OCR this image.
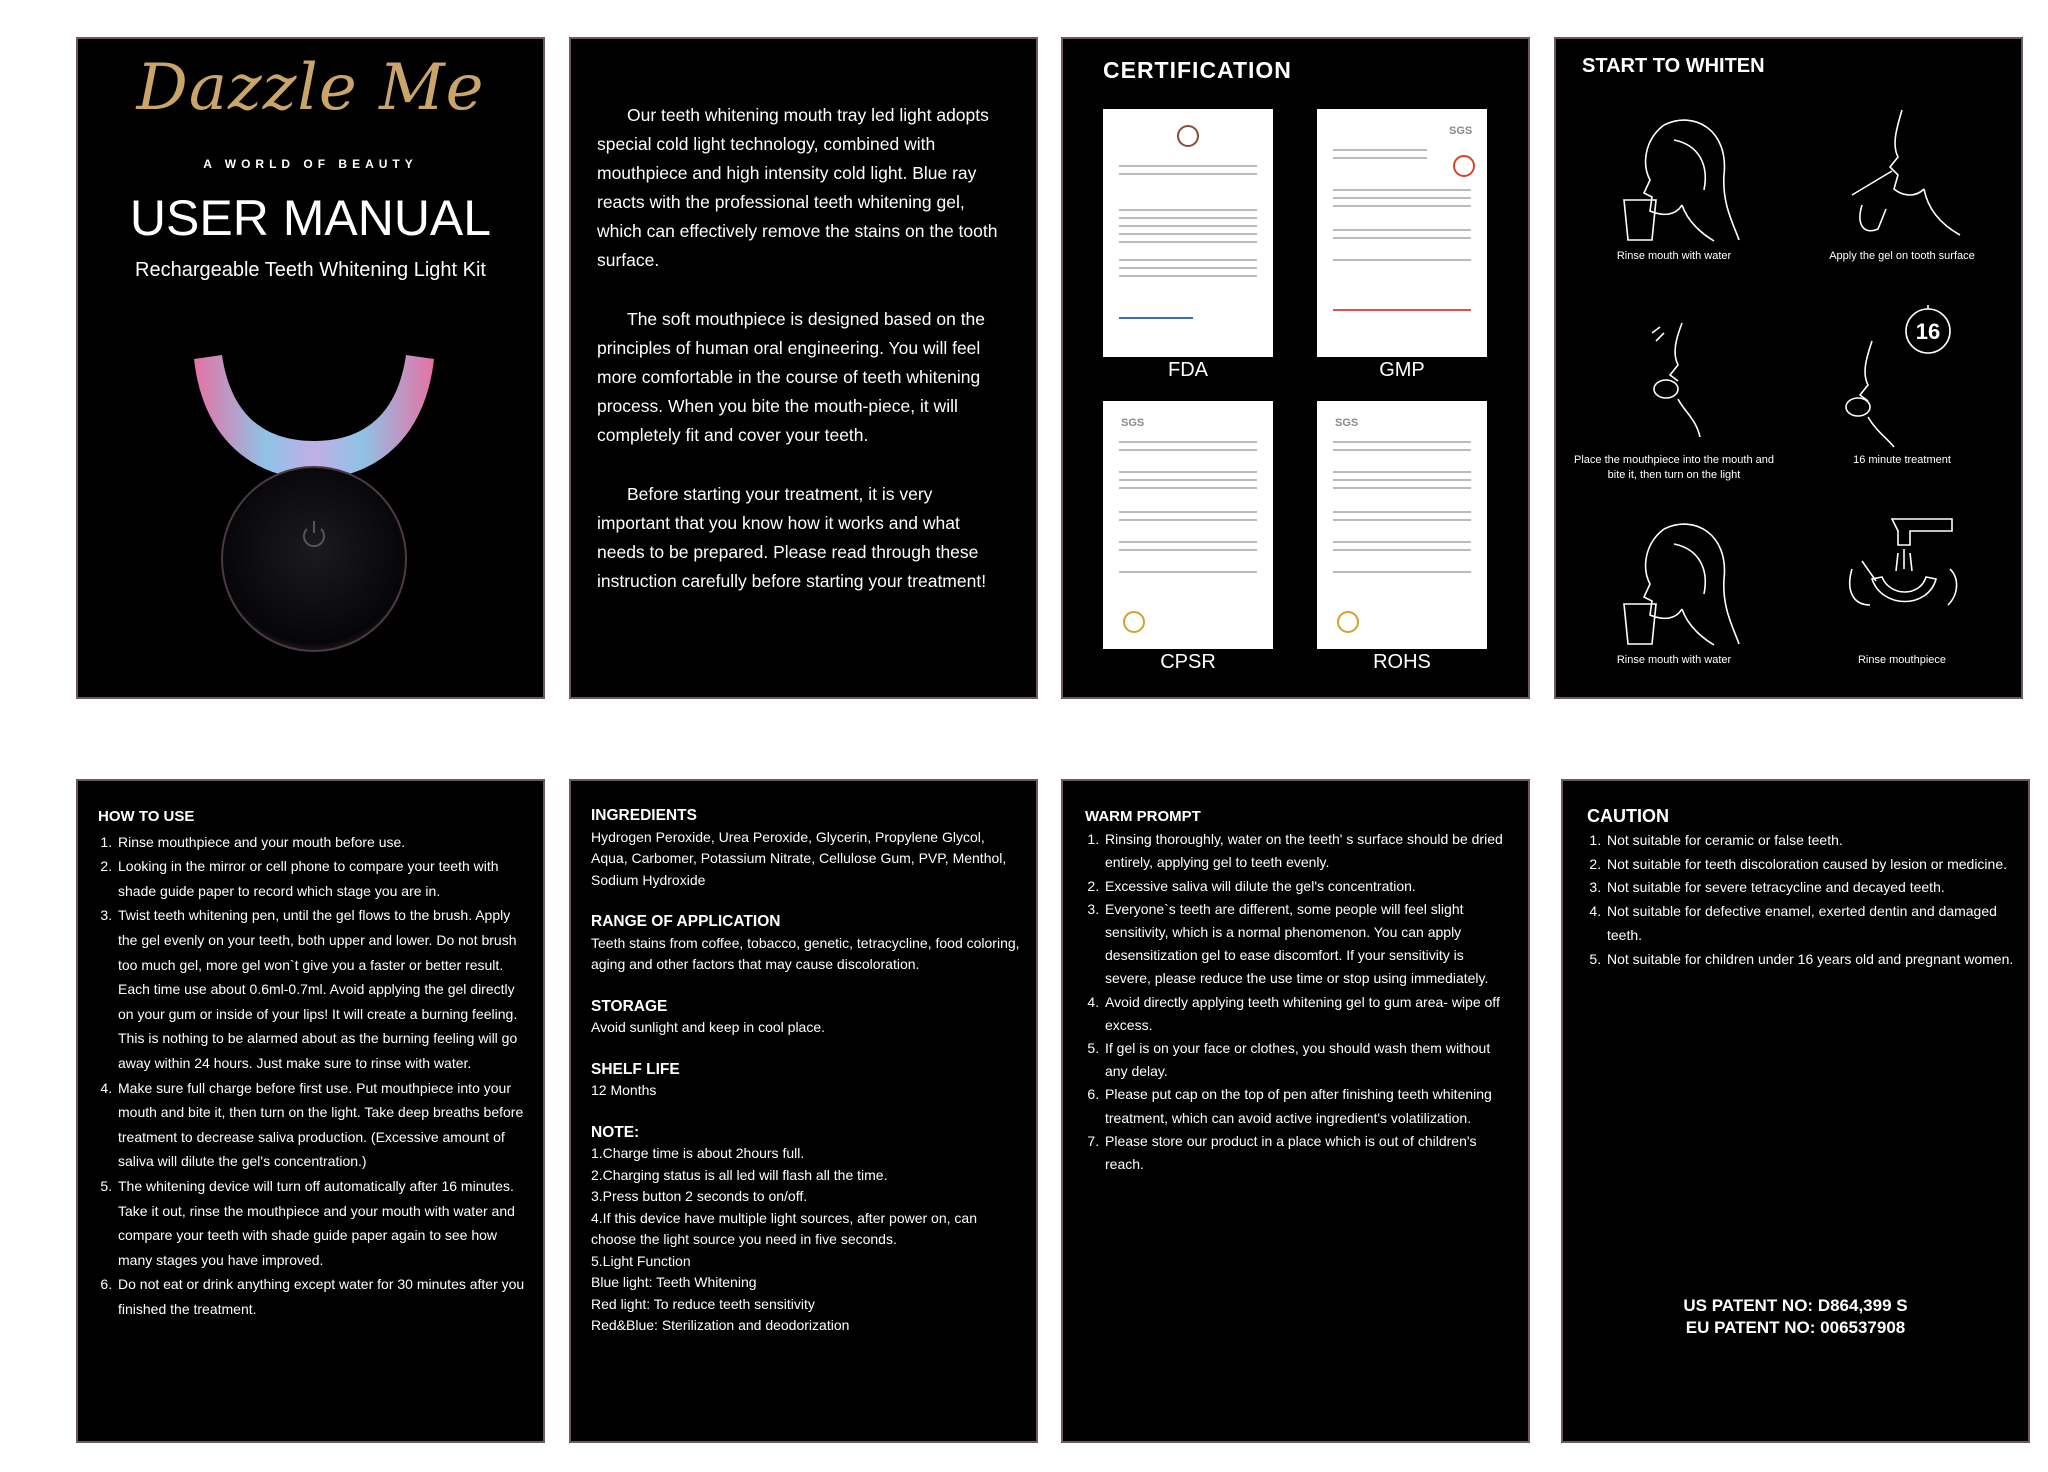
Dazzle Me
A WORLD OF BEAUTY
USER MANUAL
Rechargeable Teeth Whitening Light Kit

Our teeth whitening mouth tray led light adopts special cold light technology, combined with mouthpiece and high intensity cold light. Blue ray reacts with the professional teeth whitening gel, which can effectively remove the stains on the tooth surface.

The soft mouthpiece is designed based on the principles of human oral engineering. You will feel more comfortable in the course of teeth whitening process. When you bite the mouth-piece, it will completely fit and cover your teeth.

Before starting your treatment, it is very important that you know how it works and what needs to be prepared. Please read through these instruction carefully before starting your treatment!

CERTIFICATION
FDA
SGS
GMP
SGS
CPSR
SGS
ROHS
START TO WHITEN
Rinse mouth with water	Apply the gel on tooth surface
Place the mouthpiece into the mouth and bite it, then turn on the light
16
16 minute treatment
Rinse mouth with water	Rinse mouthpiece
HOW TO USE
1. Rinse mouthpiece and your mouth before use.
2. Looking in the mirror or cell phone to compare your teeth with shade guide paper to record which stage you are in.
3. Twist teeth whitening pen, until the gel flows to the brush. Apply the gel evenly on your teeth, both upper and lower. Do not brush too much gel, more gel won`t give you a faster or better result. Each time use about 0.6ml-0.7ml. Avoid applying the gel directly on your gum or inside of your lips! It will create a burning feeling. This is nothing to be alarmed about as the burning feeling will go away within 24 hours. Just make sure to rinse with water.
4. Make sure full charge before first use. Put mouthpiece into your mouth and bite it, then turn on the light. Take deep breaths before treatment to decrease saliva production. (Excessive amount of saliva will dilute the gel's concentration.)
5. The whitening device will turn off automatically after 16 minutes. Take it out, rinse the mouthpiece and your mouth with water and compare your teeth with shade guide paper again to see how many stages you have improved.
6. Do not eat or drink anything except water for 30 minutes after you finished the treatment.
INGREDIENTS
Hydrogen Peroxide, Urea Peroxide, Glycerin, Propylene Glycol, Aqua, Carbomer, Potassium Nitrate, Cellulose Gum, PVP, Menthol, Sodium Hydroxide
RANGE OF APPLICATION
Teeth stains from coffee, tobacco, genetic, tetracycline, food coloring, aging and other factors that may cause discoloration.
STORAGE
Avoid sunlight and keep in cool place.
SHELF LIFE
12 Months
NOTE:
1.Charge time is about 2hours full.
2.Charging status is all led will flash all the time.
3.Press button 2 seconds to on/off.
4.If this device have multiple light sources, after power on, can choose the light source you need in five seconds.
5.Light Function
Blue light: Teeth Whitening
Red light: To reduce teeth sensitivity
Red&Blue: Sterilization and deodorization
WARM PROMPT
1. Rinsing thoroughly, water on the teeth' s surface should be dried entirely, applying gel to teeth evenly.
2. Excessive saliva will dilute the gel's concentration.
3. Everyone`s teeth are different, some people will feel slight sensitivity, which is a normal phenomenon. You can apply desensitization gel to ease discomfort. If your sensitivity is severe, please reduce the use time or stop using immediately.
4. Avoid directly applying teeth whitening gel to gum area- wipe off excess.
5. If gel is on your face or clothes, you should wash them without any delay.
6. Please put cap on the top of pen after finishing teeth whitening treatment, which can avoid active ingredient's volatilization.
7. Please store our product in a place which is out of children's reach.
CAUTION
1. Not suitable for ceramic or false teeth.
2. Not suitable for teeth discoloration caused by lesion or medicine.
3. Not suitable for severe tetracycline and decayed teeth.
4. Not suitable for defective enamel, exerted dentin and damaged teeth.
5. Not suitable for children under 16 years old and pregnant women.
US PATENT NO: D864,399 S
EU PATENT NO: 006537908
